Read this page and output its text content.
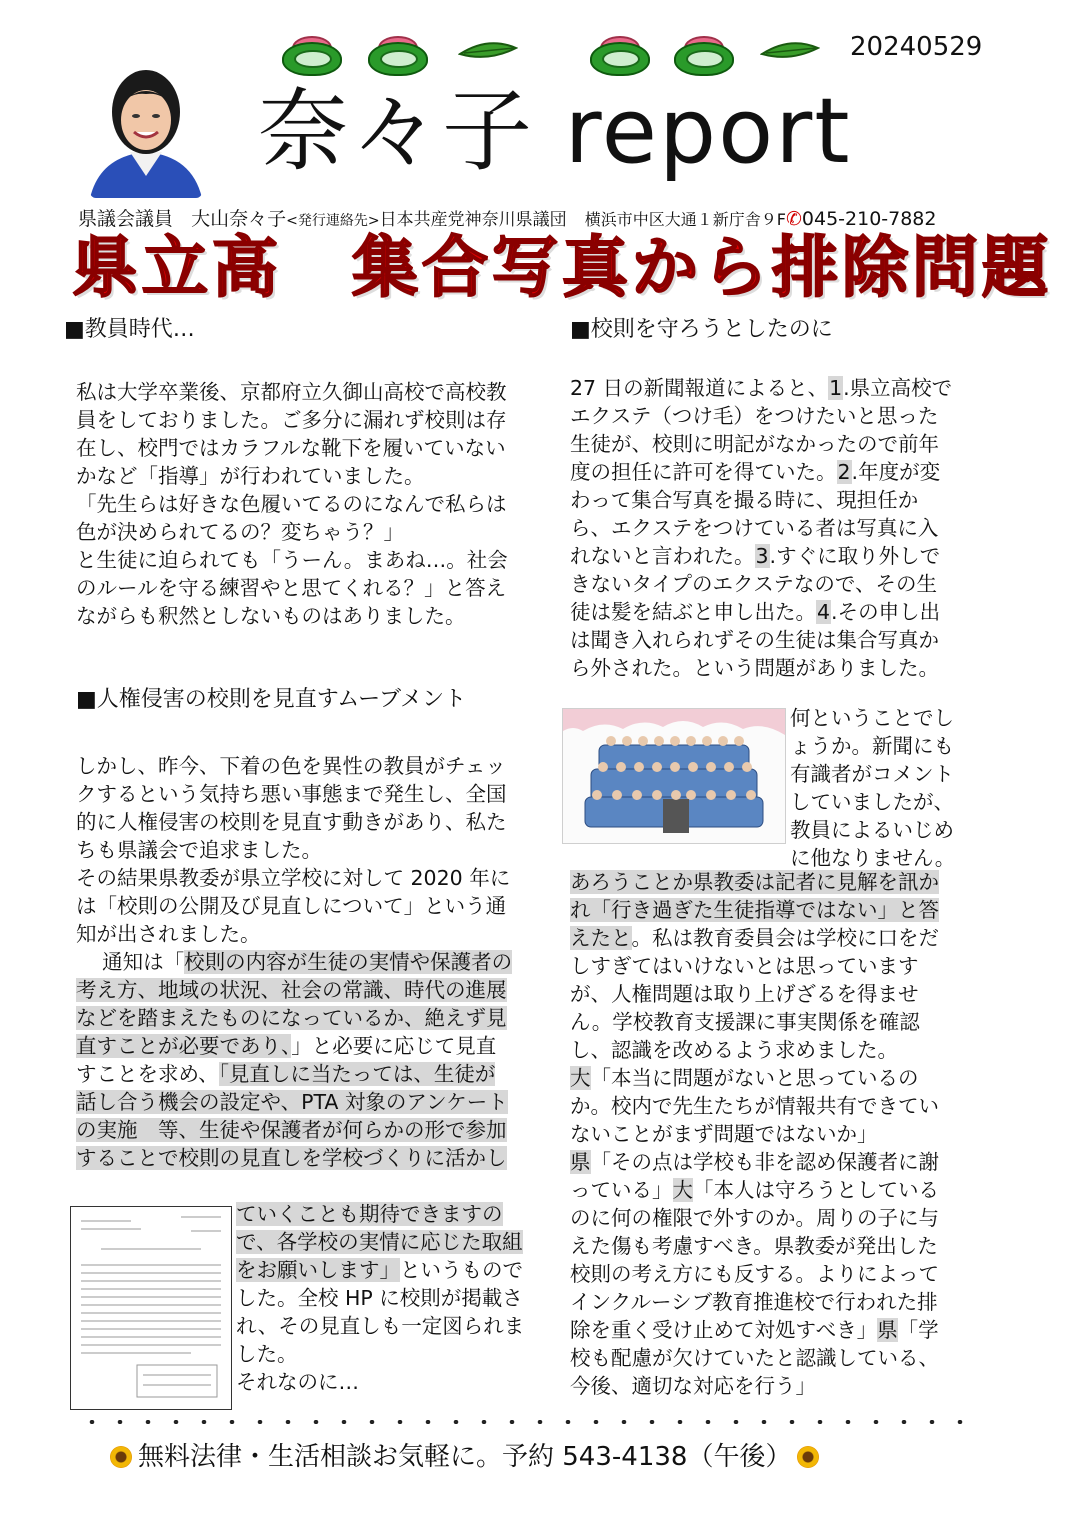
20240529
奈々子 report
県議会議員 大山奈々子<発行連絡先>日本共産党神奈川県議団 横浜市中区大通１新庁舎９F✆045-210-7882
県立高　集合写真から排除問題
■教員時代…

私は大学卒業後、京都府立久御山高校で高校教

員をしておりました。ご多分に漏れず校則は存

在し、校門ではカラフルな靴下を履いていない

かなど「指導」が行われていました。

「先生らは好きな色履いてるのになんで私らは

色が決められてるの？変ちゃう？」

と生徒に迫られても「うーん。まあね…。社会

のルールを守る練習やと思てくれる？」と答え

ながらも釈然としないものはありました。

■人権侵害の校則を見直すムーブメント

しかし、昨今、下着の色を異性の教員がチェッ

クするという気持ち悪い事態まで発生し、全国

的に人権侵害の校則を見直す動きがあり、私た

ちも県議会で追求ました。

その結果県教委が県立学校に対して 2020 年に

は「校則の公開及び見直しについて」という通

知が出されました。

通知は「校則の内容が生徒の実情や保護者の

考え方、地域の状況、社会の常識、時代の進展

などを踏まえたものになっているか、絶えず見

直すことが必要であり、」と必要に応じて見直

すことを求め、「見直しに当たっては、生徒が

話し合う機会の設定や、PTA 対象のアンケート

の実施　等、生徒や保護者が何らかの形で参加

することで校則の見直しを学校づくりに活かし

ていくことも期待できますの

で、各学校の実情に応じた取組

をお願いします」というもので

した。全校 HP に校則が掲載さ

れ、その見直しも一定図られま

した。

それなのに…

■校則を守ろうとしたのに

27 日の新聞報道によると、1.県立高校で

エクステ（つけ毛）をつけたいと思った

生徒が、校則に明記がなかったので前年

度の担任に許可を得ていた。2.年度が変

わって集合写真を撮る時に、現担任か

ら、エクステをつけている者は写真に入

れないと言われた。3.すぐに取り外しで

きないタイプのエクステなので、その生

徒は髪を結ぶと申し出た。4.その申し出

は聞き入れられずその生徒は集合写真か

ら外された。という問題がありました。

何ということでし

ょうか。新聞にも

有識者がコメント

していましたが、

教員によるいじめ

に他なりません。

あろうことか県教委は記者に見解を訊か

れ「行き過ぎた生徒指導ではない」と答

えたと。私は教育委員会は学校に口をだ

しすぎてはいけないとは思っています

が、人権問題は取り上げざるを得ませ

ん。学校教育支援課に事実関係を確認

し、認識を改めるよう求めました。

大「本当に問題がないと思っているの

か。校内で先生たちが情報共有できてい

ないことがまず問題ではないか」

県「その点は学校も非を認め保護者に謝

っている」大「本人は守ろうとしている

のに何の権限で外すのか。周りの子に与

えた傷も考慮すべき。県教委が発出した

校則の考え方にも反する。よりによって

インクルーシブ教育推進校で行われた排

除を重く受け止めて対処すべき」県「学

校も配慮が欠けていたと認識している、

今後、適切な対応を行う」

無料法律・生活相談お気軽に。予約 543-4138（午後）
